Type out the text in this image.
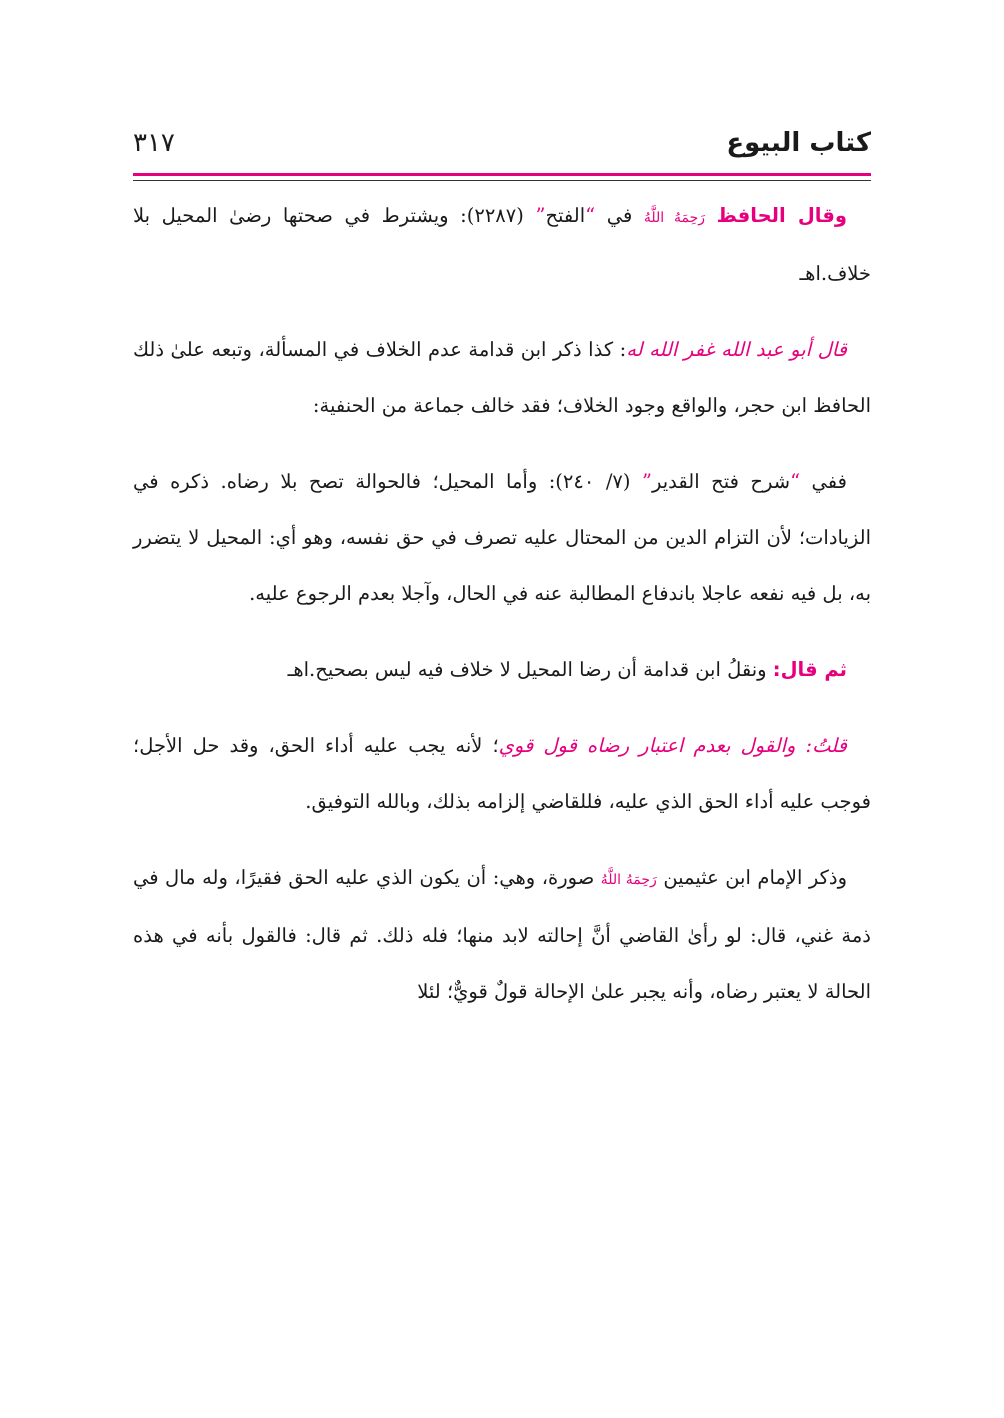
كتاب البيوع
٣١٧

وقال الحافظ رَحِمَهُ اللَّهُ في “الفتح” (٢٢٨٧): ويشترط في صحتها رضىٰ المحيل بلا خلاف.اهـ

قال أبو عبد الله غفر الله له: كذا ذكر ابن قدامة عدم الخلاف في المسألة، وتبعه علىٰ ذلك الحافظ ابن حجر، والواقع وجود الخلاف؛ فقد خالف جماعة من الحنفية:

ففي “شرح فتح القدير” (٧/ ٢٤٠): وأما المحيل؛ فالحوالة تصح بلا رضاه. ذكره في الزيادات؛ لأن التزام الدين من المحتال عليه تصرف في حق نفسه، وهو أي: المحيل لا يتضرر به، بل فيه نفعه عاجلا باندفاع المطالبة عنه في الحال، وآجلا بعدم الرجوع عليه.

ثم قال: ونقلُ ابن قدامة أن رضا المحيل لا خلاف فيه ليس بصحيح.اهـ

قلتُ: والقول بعدم اعتبار رضاه قول قوي؛ لأنه يجب عليه أداء الحق، وقد حل الأجل؛ فوجب عليه أداء الحق الذي عليه، فللقاضي إلزامه بذلك، وبالله التوفيق.

وذكر الإمام ابن عثيمين رَحِمَهُ اللَّهُ صورة، وهي: أن يكون الذي عليه الحق فقيرًا، وله مال في ذمة غني، قال: لو رأىٰ القاضي أنَّ إحالته لابد منها؛ فله ذلك. ثم قال: فالقول بأنه في هذه الحالة لا يعتبر رضاه، وأنه يجبر علىٰ الإحالة قولٌ قويٌّ؛ لئلا
